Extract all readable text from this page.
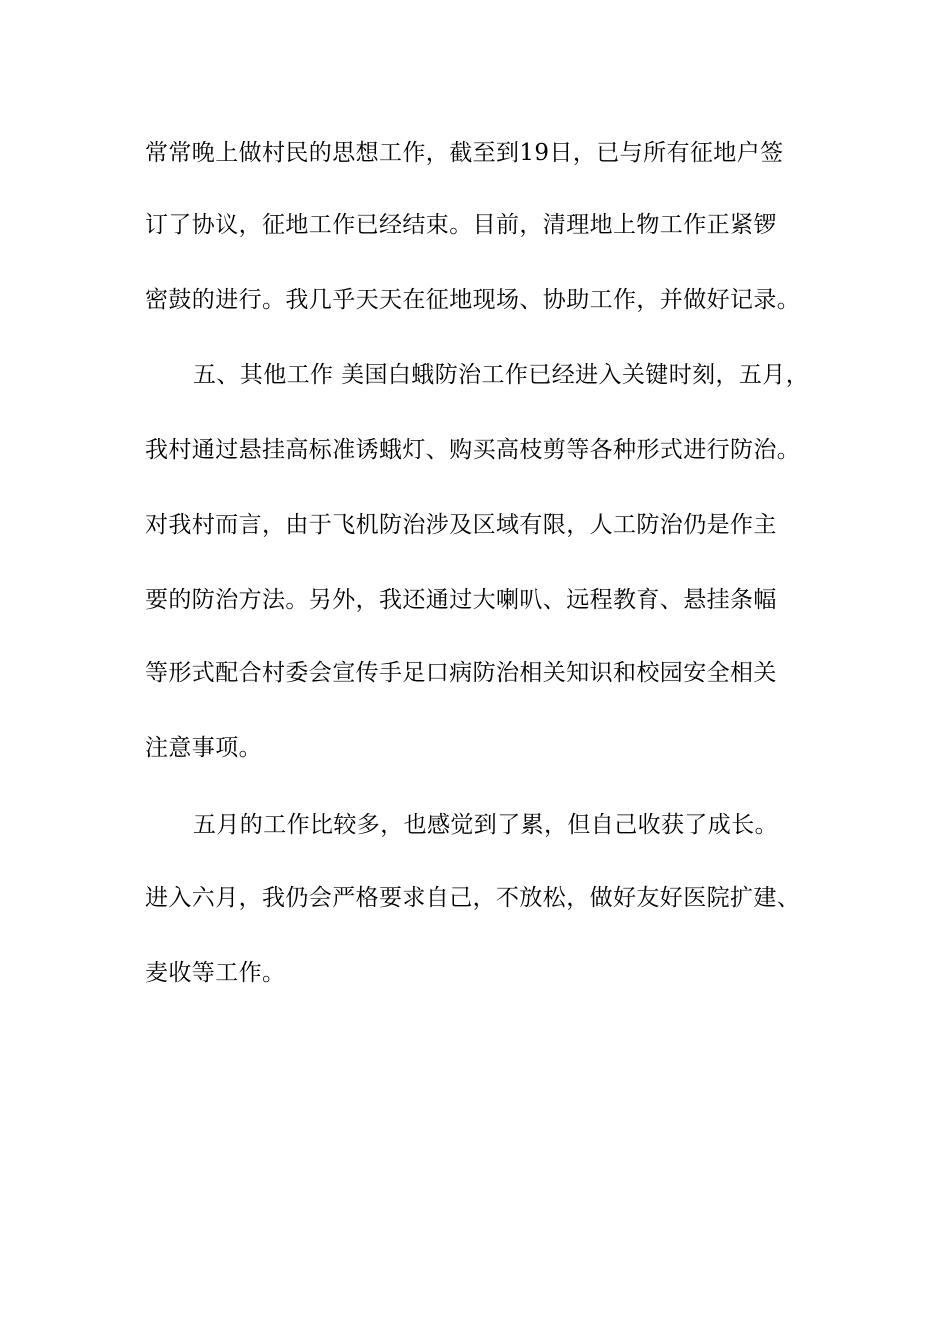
常常晚上做村民的思想工作，截至到19日，已与所有征地户签
订了协议，征地工作已经结束。目前，清理地上物工作正紧锣
密鼓的进行。我几乎天天在征地现场、协助工作，并做好记录。
五、其他工作 美国白蛾防治工作已经进入关键时刻，五月，
我村通过悬挂高标准诱蛾灯、购买高枝剪等各种形式进行防治。
对我村而言，由于飞机防治涉及区域有限，人工防治仍是作主
要的防治方法。另外，我还通过大喇叭、远程教育、悬挂条幅
等形式配合村委会宣传手足口病防治相关知识和校园安全相关
注意事项。
五月的工作比较多，也感觉到了累，但自己收获了成长。
进入六月，我仍会严格要求自己，不放松，做好友好医院扩建、
麦收等工作。
